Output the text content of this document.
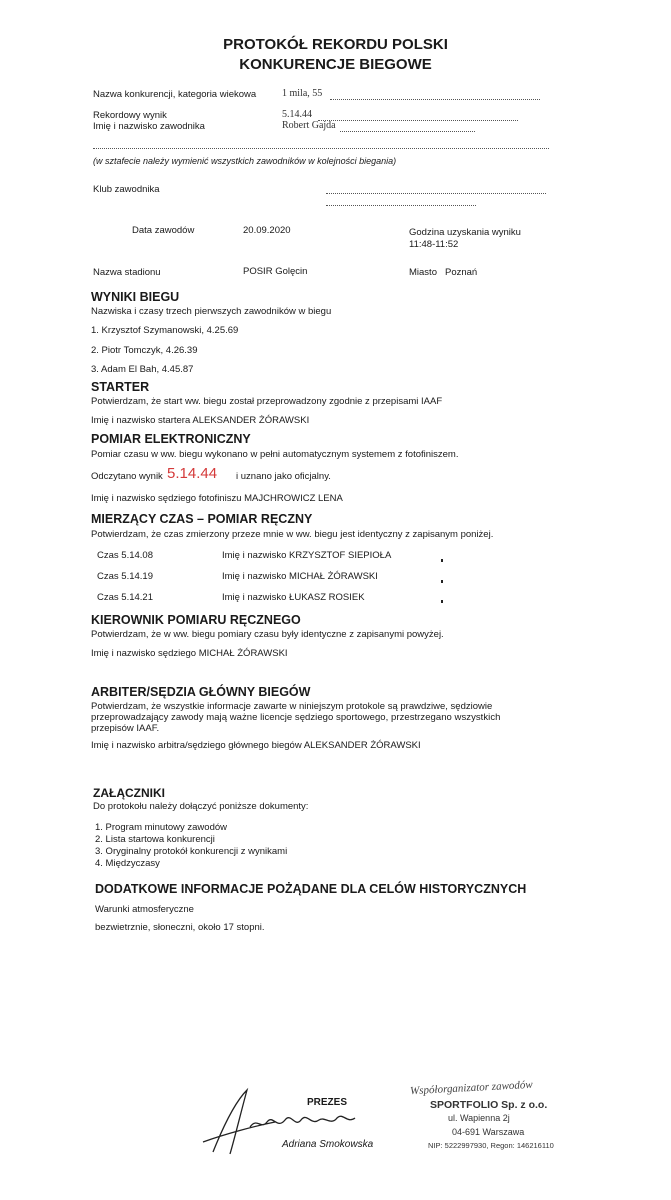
PROTOKÓŁ REKORDU POLSKI
KONKURENCJE BIEGOWE
Nazwa konkurencji, kategoria wiekowa	1 mila, 55
Rekordowy wynik	5.14.44
Imię i nazwisko zawodnika	Robert Gajda
(w sztafecie należy wymienić wszystkich zawodników w kolejności biegania)
Klub zawodnika
Data zawodów	20.09.2020	Godzina uzyskania wyniku
11:48-11:52
Nazwa stadionu	POSIR Golęcin	Miasto Poznań
WYNIKI BIEGU
Nazwiska i czasy trzech pierwszych zawodników w biegu
1. Krzysztof Szymanowski, 4.25.69
2. Piotr Tomczyk, 4.26.39
3. Adam El Bah, 4.45.87
STARTER
Potwierdzam, że start ww. biegu został przeprowadzony zgodnie z przepisami IAAF
Imię i nazwisko startera ALEKSANDER ŻÓRAWSKI
POMIAR ELEKTRONICZNY
Pomiar czasu w ww. biegu wykonano w pełni automatycznym systemem z fotofiniszem.
Odczytano wynik 5.14.44 i uznano jako oficjalny.
Imię i nazwisko sędziego fotofiniszu MAJCHROWICZ LENA
MIERZĄCY CZAS – POMIAR RĘCZNY
Potwierdzam, że czas zmierzony przeze mnie w ww. biegu jest identyczny z zapisanym poniżej.
Czas 5.14.08	Imię i nazwisko KRZYSZTOF SIEPIOŁA
Czas 5.14.19	Imię i nazwisko MICHAŁ ŻÓRAWSKI
Czas 5.14.21	Imię i nazwisko ŁUKASZ ROSIEK
KIEROWNIK POMIARU RĘCZNEGO
Potwierdzam, że w ww. biegu pomiary czasu były identyczne z zapisanymi powyżej.
Imię i nazwisko sędziego MICHAŁ ŻÓRAWSKI
ARBITER/SĘDZIA GŁÓWNY BIEGÓW
Potwierdzam, że wszystkie informacje zawarte w niniejszym protokole są prawdziwe, sędziowie
przeprowadzający zawody mają ważne licencje sędziego sportowego, przestrzegano wszystkich
przepisów IAAF.
Imię i nazwisko arbitra/sędziego głównego biegów ALEKSANDER ŻÓRAWSKI
ZAŁĄCZNIKI
Do protokołu należy dołączyć poniższe dokumenty:
1. Program minutowy zawodów
2. Lista startowa konkurencji
3. Oryginalny protokół konkurencji z wynikami
4. Międzyczasy
DODATKOWE INFORMACJE POŻĄDANE DLA CELÓW HISTORYCZNYCH
Warunki atmosferyczne
bezwietrznie, słoneczni, około 17 stopni.
PREZES
Adriana Smokowska
Współorganizator zawodów
SPORTFOLIO Sp. z o.o.
ul. Wapienna 2j
04-691 Warszawa
NIP: 5222997930, Regon: 146216110
